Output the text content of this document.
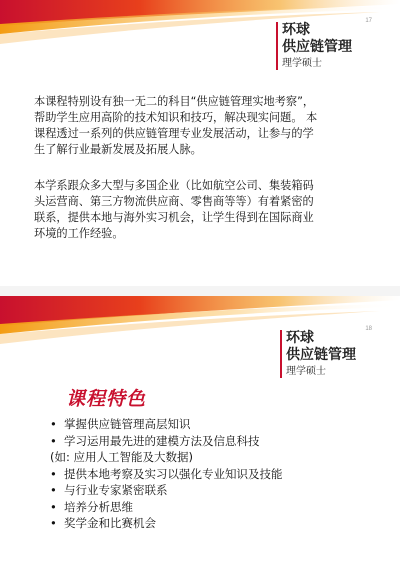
17
环球
供应链管理
理学硕士
本课程特别设有独一无二的科目“供应链管理实地考察”，
帮助学生应用高阶的技术知识和技巧，解决现实问题。 本
课程透过一系列的供应链管理专业发展活动，让参与的学
生了解行业最新发展及拓展人脉。
本学系跟众多大型与多国企业（比如航空公司、集装箱码
头运营商、第三方物流供应商、零售商等等）有着紧密的
联系，提供本地与海外实习机会，让学生得到在国际商业
环境的工作经验。
18
环球
供应链管理
理学硕士
课程特色
• 掌握供应链管理高层知识
• 学习运用最先进的建模方法及信息科技
(如: 应用人工智能及大数据)
• 提供本地考察及实习以强化专业知识及技能
• 与行业专家紧密联系
• 培养分析思维
• 奖学金和比赛机会
